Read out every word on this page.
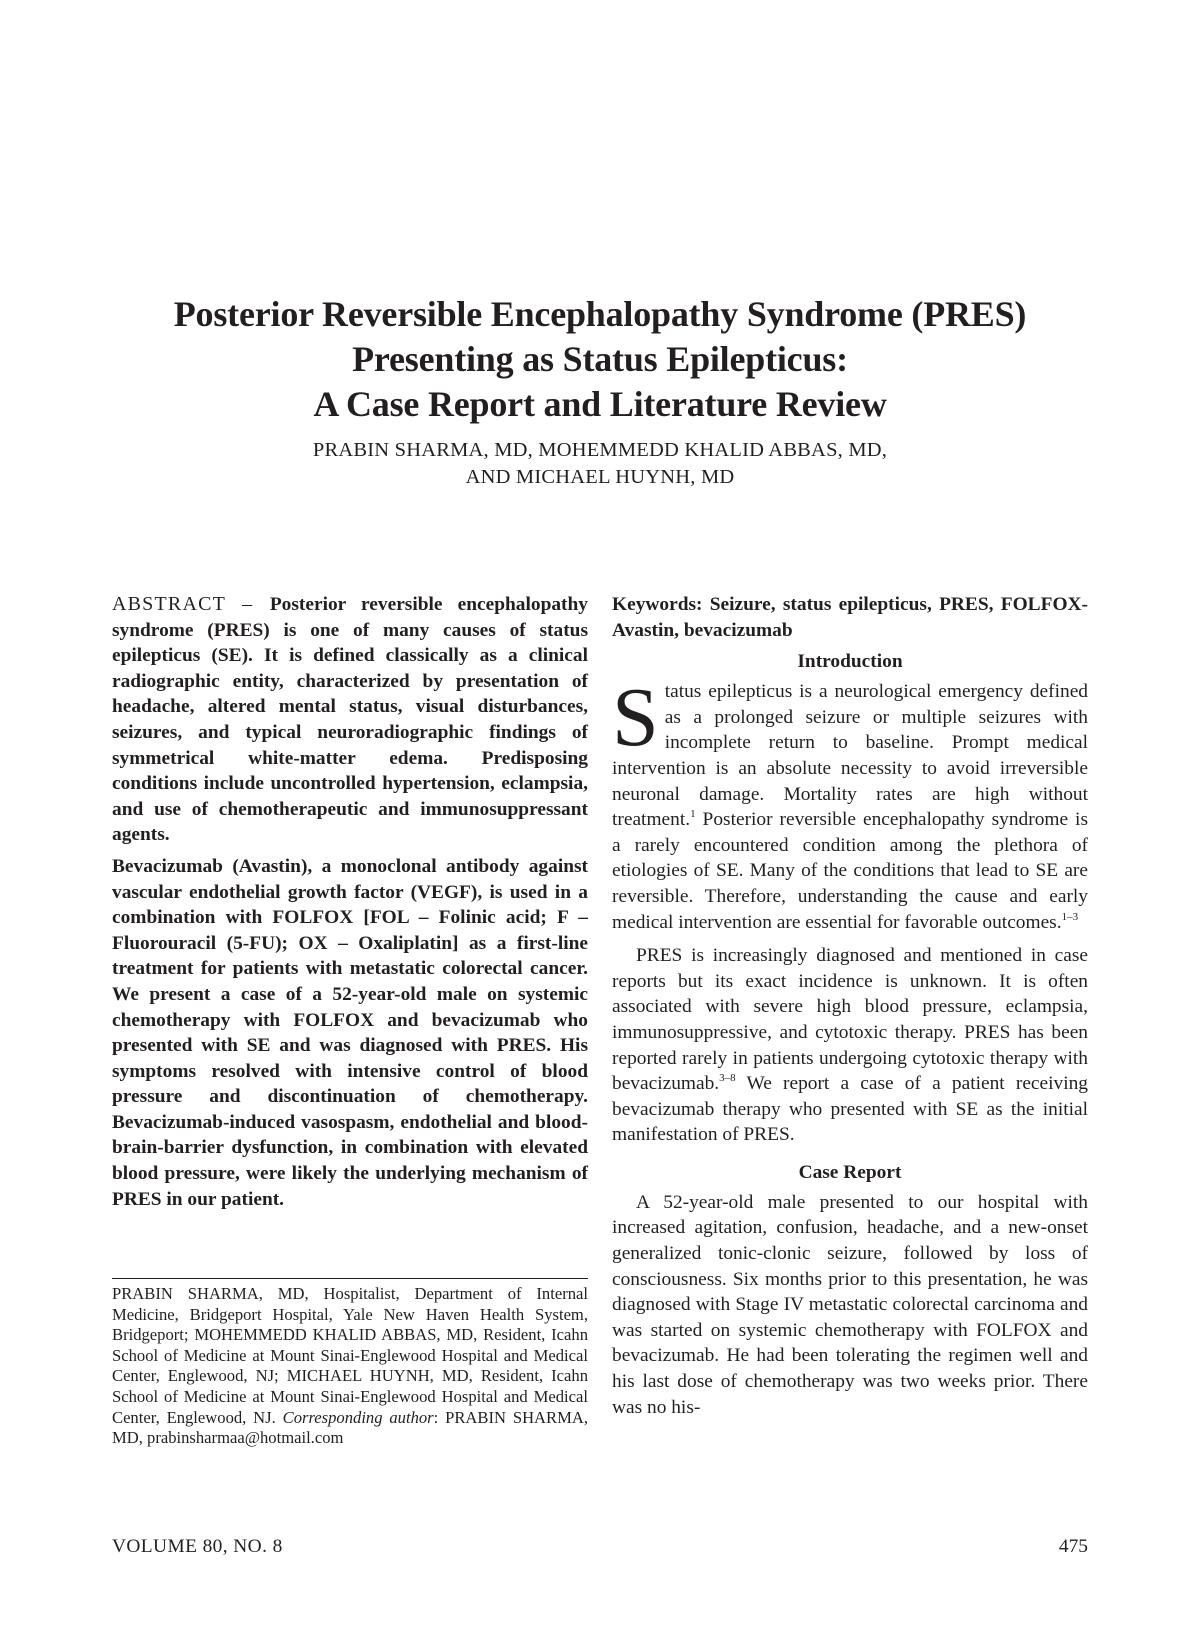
Posterior Reversible Encephalopathy Syndrome (PRES)
Presenting as Status Epilepticus:
A Case Report and Literature Review
PRABIN SHARMA, MD, MOHEMMEDD KHALID ABBAS, MD,
AND MICHAEL HUYNH, MD

ABSTRACT – Posterior reversible encephalopathy syndrome (PRES) is one of many causes of status epilepticus (SE). It is defined classically as a clinical radiographic entity, characterized by presentation of headache, altered mental status, visual disturbances, seizures, and typical neuroradiographic findings of symmetrical white-matter edema. Predisposing conditions include uncontrolled hypertension, eclampsia, and use of chemotherapeutic and immunosuppressant agents.

Bevacizumab (Avastin), a monoclonal antibody against vascular endothelial growth factor (VEGF), is used in a combination with FOLFOX [FOL – Folinic acid; F – Fluorouracil (5-FU); OX – Oxaliplatin] as a first-line treatment for patients with metastatic colorectal cancer. We present a case of a 52-year-old male on systemic chemotherapy with FOLFOX and bevacizumab who presented with SE and was diagnosed with PRES. His symptoms resolved with intensive control of blood pressure and discontinuation of chemotherapy. Bevacizumab-induced vasospasm, endothelial and blood-brain-barrier dysfunction, in combination with elevated blood pressure, were likely the underlying mechanism of PRES in our patient.

PRABIN SHARMA, MD, Hospitalist, Department of Internal Medicine, Bridgeport Hospital, Yale New Haven Health System, Bridgeport; MOHEMMEDD KHALID ABBAS, MD, Resident, Icahn School of Medicine at Mount Sinai-Englewood Hospital and Medical Center, Englewood, NJ; MICHAEL HUYNH, MD, Resident, Icahn School of Medicine at Mount Sinai-Englewood Hospital and Medical Center, Englewood, NJ. Corresponding author: PRABIN SHARMA, MD, prabinsharmaa@hotmail.com

Keywords: Seizure, status epilepticus, PRES, FOLFOX-Avastin, bevacizumab

Introduction

Status epilepticus is a neurological emergency defined as a prolonged seizure or multiple seizures with incomplete return to baseline. Prompt medical intervention is an absolute necessity to avoid irreversible neuronal damage. Mortality rates are high without treatment.$^1$ Posterior reversible encephalopathy syndrome is a rarely encountered condition among the plethora of etiologies of SE. Many of the conditions that lead to SE are reversible. Therefore, understanding the cause and early medical intervention are essential for favorable outcomes.$^{1-3}$

PRES is increasingly diagnosed and mentioned in case reports but its exact incidence is unknown. It is often associated with severe high blood pressure, eclampsia, immunosuppressive, and cytotoxic therapy. PRES has been reported rarely in patients undergoing cytotoxic therapy with bevacizumab.$^{3-8}$ We report a case of a patient receiving bevacizumab therapy who presented with SE as the initial manifestation of PRES.

Case Report

A 52-year-old male presented to our hospital with increased agitation, confusion, headache, and a new-onset generalized tonic-clonic seizure, followed by loss of consciousness. Six months prior to this presentation, he was diagnosed with Stage IV metastatic colorectal carcinoma and was started on systemic chemotherapy with FOLFOX and bevacizumab. He had been tolerating the regimen well and his last dose of chemotherapy was two weeks prior. There was no his-

VOLUME 80, NO. 8	475
